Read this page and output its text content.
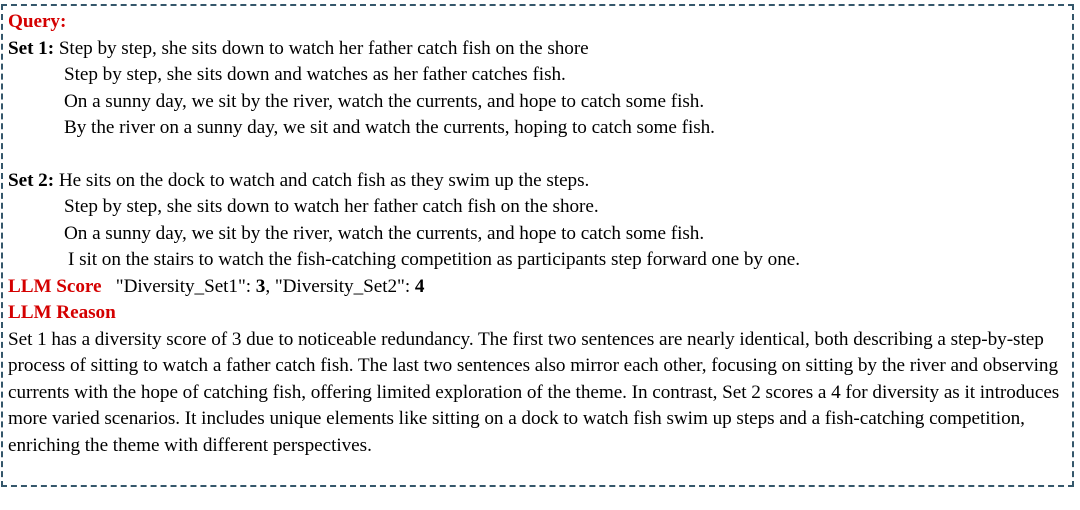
Query:
Set 1: Step by step, she sits down to watch her father catch fish on the shore
Step by step, she sits down and watches as her father catches fish.
On a sunny day, we sit by the river, watch the currents, and hope to catch some fish.
By the river on a sunny day, we sit and watch the currents, hoping to catch some fish.
Set 2: He sits on the dock to watch and catch fish as they swim up the steps.
Step by step, she sits down to watch her father catch fish on the shore.
On a sunny day, we sit by the river, watch the currents, and hope to catch some fish.
I sit on the stairs to watch the fish-catching competition as participants step forward one by one.
LLM Score "Diversity_Set1": 3, "Diversity_Set2": 4
LLM Reason
Set 1 has a diversity score of 3 due to noticeable redundancy. The first two sentences are nearly identical, both describing a step-by-step process of sitting to watch a father catch fish. The last two sentences also mirror each other, focusing on sitting by the river and observing currents with the hope of catching fish, offering limited exploration of the theme. In contrast, Set 2 scores a 4 for diversity as it introduces more varied scenarios. It includes unique elements like sitting on a dock to watch fish swim up steps and a fish-catching competition, enriching the theme with different perspectives.
